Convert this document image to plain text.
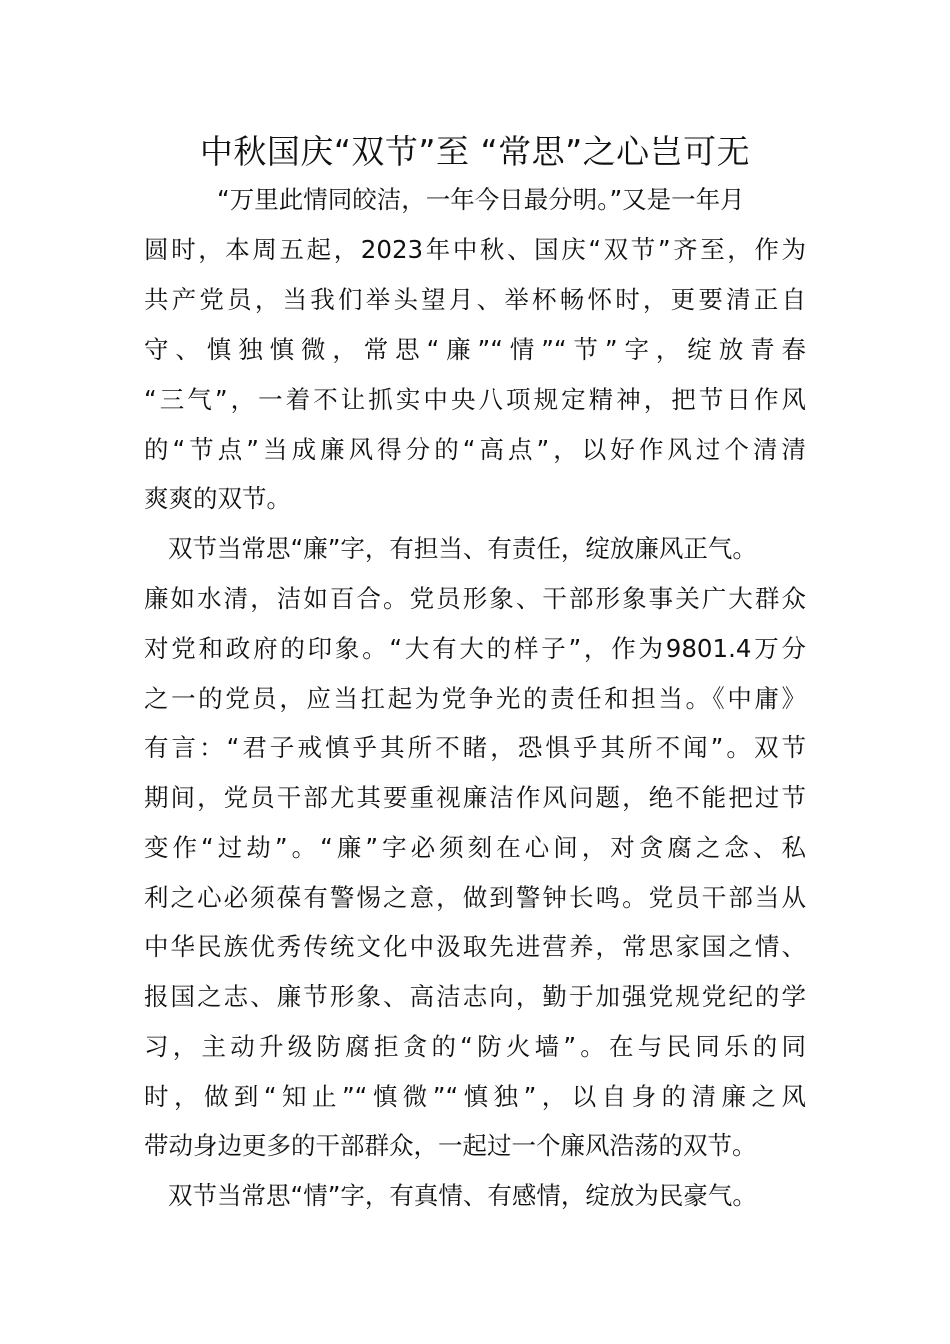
中秋国庆“双节”至 “常思”之心岂可无

“万里此情同皎洁，一年今日最分明。”又是一年月

圆时，本周五起，2023年中秋、国庆“双节”齐至，作为

共产党员，当我们举头望月、举杯畅怀时，更要清正自

守、慎独慎微，常思“廉”“情”“节”字，绽放青春

“三气”，一着不让抓实中央八项规定精神，把节日作风

的“节点”当成廉风得分的“高点”，以好作风过个清清

爽爽的双节。

双节当常思“廉”字，有担当、有责任，绽放廉风正气。

廉如水清，洁如百合。党员形象、干部形象事关广大群众

对党和政府的印象。“大有大的样子”，作为9801.4万分

之一的党员，应当扛起为党争光的责任和担当。《中庸》

有言：“君子戒慎乎其所不睹，恐惧乎其所不闻”。双节

期间，党员干部尤其要重视廉洁作风问题，绝不能把过节

变作“过劫”。“廉”字必须刻在心间，对贪腐之念、私

利之心必须葆有警惕之意，做到警钟长鸣。党员干部当从

中华民族优秀传统文化中汲取先进营养，常思家国之情、

报国之志、廉节形象、高洁志向，勤于加强党规党纪的学

习，主动升级防腐拒贪的“防火墙”。在与民同乐的同

时，做到“知止”“慎微”“慎独”，以自身的清廉之风

带动身边更多的干部群众，一起过一个廉风浩荡的双节。

双节当常思“情”字，有真情、有感情，绽放为民豪气。
